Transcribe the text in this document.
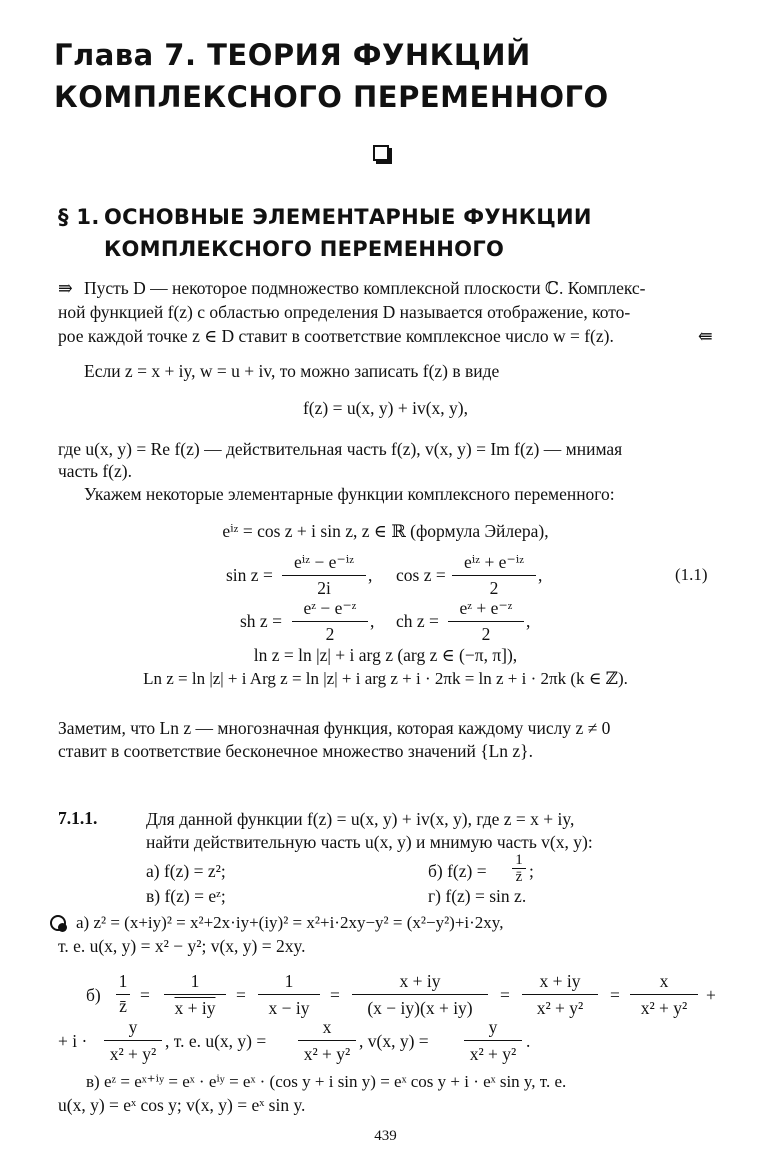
Глава 7. ТЕОРИЯ ФУНКЦИЙ
КОМПЛЕКСНОГО ПЕРЕМЕННОГО
§ 1. ОСНОВНЫЕ ЭЛЕМЕНТАРНЫЕ ФУНКЦИИ
КОМПЛЕКСНОГО ПЕРЕМЕННОГО
⇛ Пусть D — некоторое подмножество комплексной плоскости ℂ. Комплекс-
ной функцией f(z) с областью определения D называется отображение, кото-
рое каждой точке z ∈ D ставит в соответствие комплексное число w = f(z).	⇚
Если z = x + iy, w = u + iv, то можно записать f(z) в виде
f(z) = u(x, y) + iv(x, y),
где u(x, y) = Re f(z) — действительная часть f(z), v(x, y) = Im f(z) — мнимая
часть f(z).
Укажем некоторые элементарные функции комплексного переменного:
eⁱᶻ = cos z + i sin z, z ∈ ℝ (формула Эйлера),
sin z =
eⁱᶻ − e⁻ⁱᶻ
2i
, cos z =
eⁱᶻ + e⁻ⁱᶻ
2
,	(1.1)
sh z =
eᶻ − e⁻ᶻ
2
, ch z =
eᶻ + e⁻ᶻ
2
,
ln z = ln |z| + i arg z (arg z ∈ (−π, π]),
Ln z = ln |z| + i Arg z = ln |z| + i arg z + i · 2πk = ln z + i · 2πk (k ∈ ℤ).
Заметим, что Ln z — многозначная функция, которая каждому числу z ≠ 0
ставит в соответствие бесконечное множество значений {Ln z}.
7.1.1.	Для данной функции f(z) = u(x, y) + iv(x, y), где z = x + iy,
найти действительную часть u(x, y) и мнимую часть v(x, y):
а) f(z) = z²;	б) f(z) =
1
z̄ ;
в) f(z) = eᶻ;	г) f(z) = sin z.
а) z² = (x+iy)² = x²+2x·iy+(iy)² = x²+i·2xy−y² = (x²−y²)+i·2xy,
т. е. u(x, y) = x² − y²; v(x, y) = 2xy.
б)
1
z̄
=
1
x + iy
=
1
x − iy
=
x + iy
(x − iy)(x + iy)
=
x + iy
x² + y²
=
x
x² + y²
+
+ i ·
y
x² + y²
, т. е. u(x, y) =
x
x² + y²
, v(x, y) =
y
x² + y²
.
в) eᶻ = eˣ⁺ⁱʸ = eˣ · eⁱʸ = eˣ · (cos y + i sin y) = eˣ cos y + i · eˣ sin y, т. е.
u(x, y) = eˣ cos y; v(x, y) = eˣ sin y.
439
